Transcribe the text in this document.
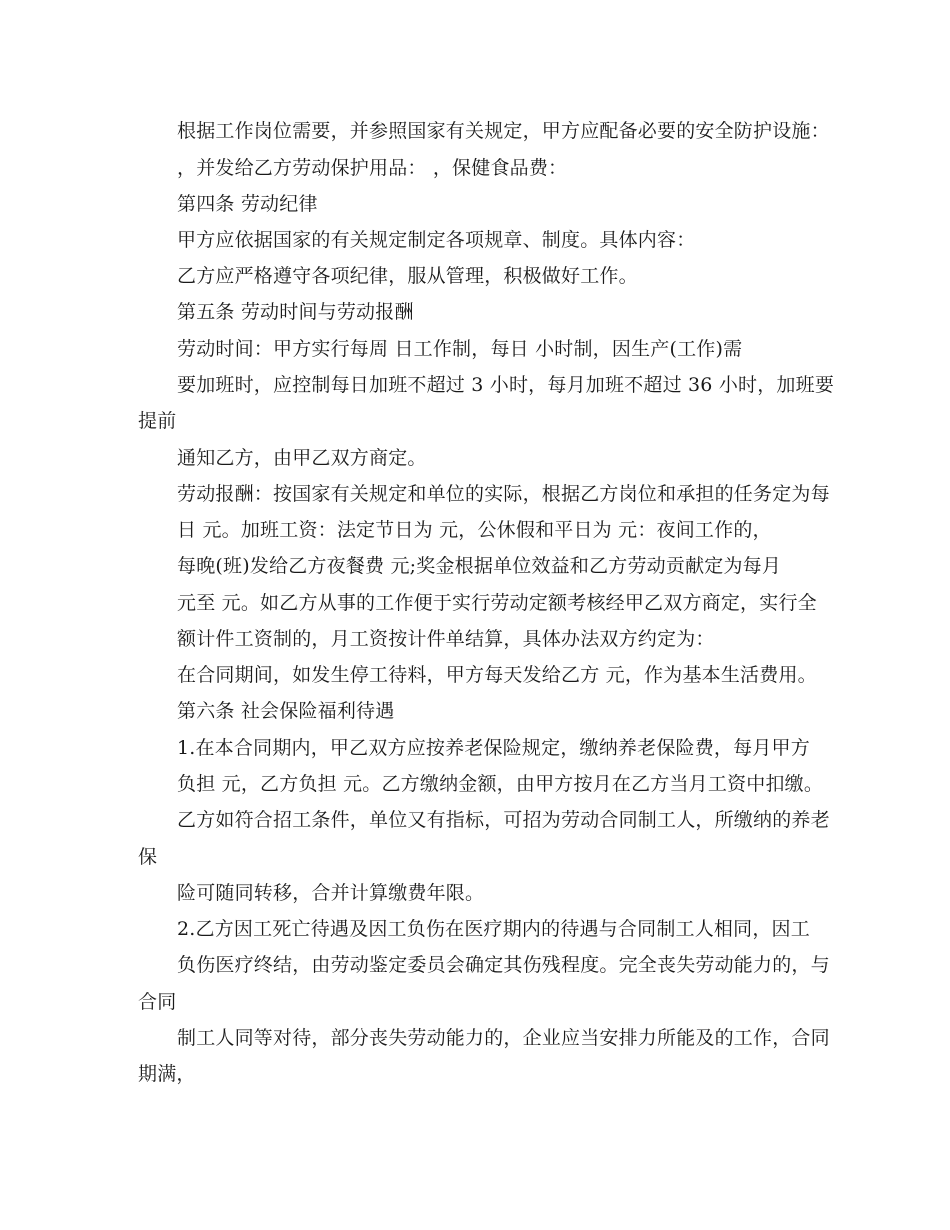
根据工作岗位需要，并参照国家有关规定，甲方应配备必要的安全防护设施：
，并发给乙方劳动保护用品： ，保健食品费：
第四条 劳动纪律
甲方应依据国家的有关规定制定各项规章、制度。具体内容：
乙方应严格遵守各项纪律，服从管理，积极做好工作。
第五条 劳动时间与劳动报酬
劳动时间：甲方实行每周 日工作制，每日 小时制，因生产(工作)需
要加班时，应控制每日加班不超过 3 小时，每月加班不超过 36 小时，加班要
提前
通知乙方，由甲乙双方商定。
劳动报酬：按国家有关规定和单位的实际，根据乙方岗位和承担的任务定为每
日 元。加班工资：法定节日为 元，公休假和平日为 元：夜间工作的，
每晚(班)发给乙方夜餐费 元;奖金根据单位效益和乙方劳动贡献定为每月
元至 元。如乙方从事的工作便于实行劳动定额考核经甲乙双方商定，实行全
额计件工资制的，月工资按计件单结算，具体办法双方约定为：
在合同期间，如发生停工待料，甲方每天发给乙方 元，作为基本生活费用。
第六条 社会保险福利待遇
1.在本合同期内，甲乙双方应按养老保险规定，缴纳养老保险费，每月甲方
负担 元，乙方负担 元。乙方缴纳金额，由甲方按月在乙方当月工资中扣缴。
乙方如符合招工条件，单位又有指标，可招为劳动合同制工人，所缴纳的养老
保
险可随同转移，合并计算缴费年限。
2.乙方因工死亡待遇及因工负伤在医疗期内的待遇与合同制工人相同，因工
负伤医疗终结，由劳动鉴定委员会确定其伤残程度。完全丧失劳动能力的，与
合同
制工人同等对待，部分丧失劳动能力的，企业应当安排力所能及的工作，合同
期满，
